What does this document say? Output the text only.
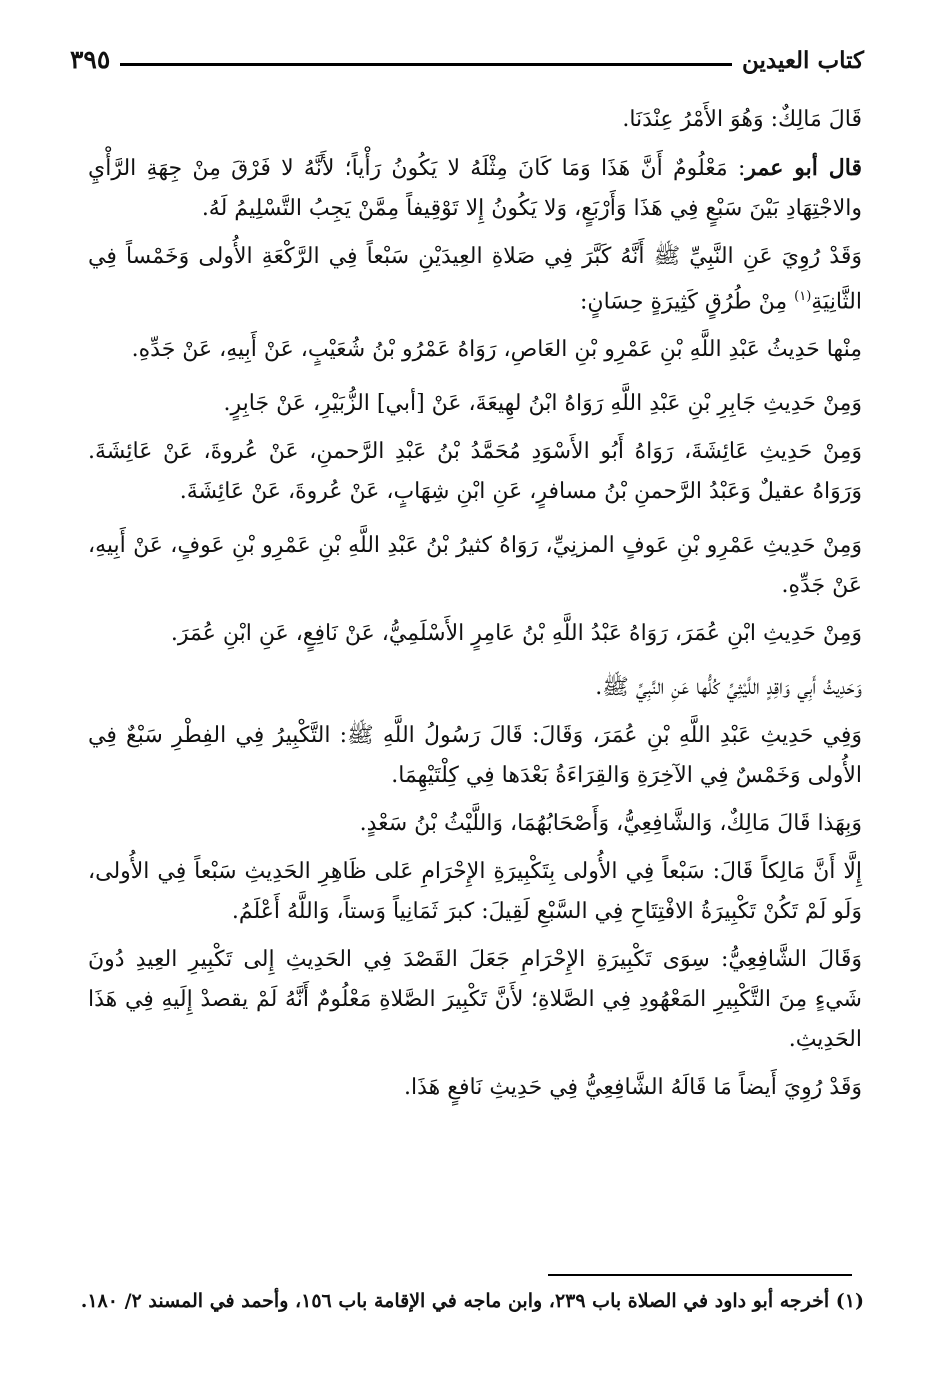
كتاب العيدين
٣٩٥

قَالَ مَالِكٌ: وَهُوَ الأَمْرُ عِنْدَنَا.

قال أبو عمر: مَعْلُومٌ أَنَّ هَذَا وَمَا كَانَ مِثْلَهُ لا يَكُونُ رَأْياً؛ لأَنَّهُ لا فَرْقَ مِنْ جِهَةِ الرَّأْيِ والاجْتِهَادِ بَيْنَ سَبْعٍ فِي هَذَا وَأَرْبَعٍ، وَلا يَكُونُ إِلا تَوْقِيفاً مِمَّنْ يَجِبُ التَّسْلِيمُ لَهُ.

وَقَدْ رُوِيَ عَنِ النَّبِيِّ ﷺ أَنَّهُ كَبَّرَ فِي صَلاةِ العِيدَيْنِ سَبْعاً فِي الرَّكْعَةِ الأُولى وَخَمْساً فِي الثَّانِيَةِ$^{(١)}$ مِنْ طُرُقٍ كَثِيرَةٍ حِسَانٍ:

مِنْها حَدِيثُ عَبْدِ اللَّهِ بْنِ عَمْرِو بْنِ العَاصِ، رَوَاهُ عَمْرُو بْنُ شُعَيْبٍ، عَنْ أَبِيهِ، عَنْ جَدِّهِ.

وَمِنْ حَدِيثِ جَابِرِ بْنِ عَبْدِ اللَّهِ رَوَاهُ ابْنُ لهِيعَةَ، عَنْ [أبي] الزُّبَيْرِ، عَنْ جَابِرٍ.

وَمِنْ حَدِيثِ عَائِشَةَ، رَوَاهُ أَبُو الأَسْوَدِ مُحَمَّدُ بْنُ عَبْدِ الرَّحمنِ، عَنْ عُروةَ، عَنْ عَائِشَةَ. وَرَوَاهُ عقيلٌ وَعَبْدُ الرَّحمنِ بْنُ مسافرٍ، عَنِ ابْنِ شِهَابٍ، عَنْ عُروةَ، عَنْ عَائِشَةَ.

وَمِنْ حَدِيثِ عَمْرِو بْنِ عَوفٍ المزنِيِّ، رَوَاهُ كثيرُ بْنُ عَبْدِ اللَّهِ بْنِ عَمْرِو بْنِ عَوفٍ، عَنْ أَبِيهِ، عَنْ جَدِّهِ.

وَمِنْ حَدِيثِ ابْنِ عُمَرَ، رَوَاهُ عَبْدُ اللَّهِ بْنُ عَامِرٍ الأَسْلَمِيُّ، عَنْ نَافِعٍ، عَنِ ابْنِ عُمَرَ.

وَحَدِيثُ أَبِي وَاقِدٍ اللَّيْثِيِّ كُلُّها عَنِ النَّبِيِّ ﷺ.

وَفِي حَدِيثِ عَبْدِ اللَّهِ بْنِ عُمَرَ، وَقَالَ: قَالَ رَسُولُ اللَّهِ ﷺ: التَّكْبِيرُ فِي الفِطْرِ سَبْعٌ فِي الأُولى وَخَمْسٌ فِي الآخِرَةِ وَالقِرَاءَةُ بَعْدَها فِي كِلْتَيْهِمَا.

وَبِهَذا قَالَ مَالِكٌ، وَالشَّافِعِيُّ، وَأَصْحَابُهُمَا، وَاللَّيْثُ بْنُ سَعْدٍ.

إِلَّا أَنَّ مَالِكاً قَالَ: سَبْعاً فِي الأُولى بِتَكْبِيرَةِ الإِحْرَامِ عَلى ظَاهِرِ الحَدِيثِ سَبْعاً فِي الأُولى، وَلَو لَمْ تَكُنْ تَكْبِيرَةُ الافْتِتَاحِ فِي السَّبْعِ لَقِيلَ: كبرَ ثَمَانِياً وَستاً، وَاللَّهُ أَعْلَمُ.

وَقَالَ الشَّافِعِيُّ: سِوَى تَكْبِيرَةِ الإِحْرَامِ جَعَلَ القَصْدَ فِي الحَدِيثِ إِلى تَكْبِيرِ العِيدِ دُونَ شَيءٍ مِنَ التَّكْبِيرِ المَعْهُودِ فِي الصَّلاةِ؛ لأَنَّ تَكْبِيرَ الصَّلاةِ مَعْلُومٌ أَنَّهُ لَمْ يقصدْ إِلَيهِ فِي هَذَا الحَدِيثِ.

وَقَدْ رُوِيَ أَيضاً مَا قَالَهُ الشَّافِعِيُّ فِي حَدِيثِ نَافعٍ هَذَا.

(١) أخرجه أبو داود في الصلاة باب ٢٣٩، وابن ماجه في الإقامة باب ١٥٦، وأحمد في المسند ٢/ ١٨٠.
